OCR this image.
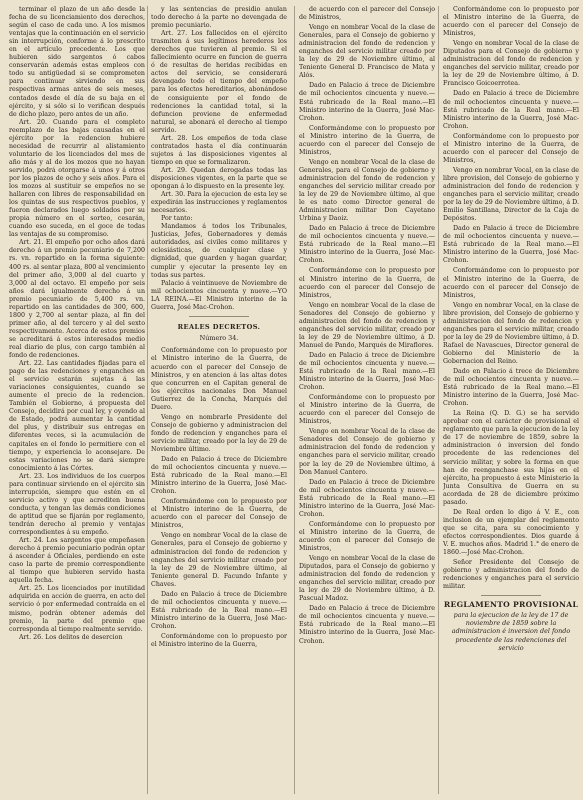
terminar el plazo de un año desde la fecha de su licenciamiento dos derechos, según el caso de cada uno. A los mismos ventajas que la continuación en el servicio sin interrupción, conforme á lo prescrito en el artículo precedente. Los que hubieren sido sargentos ó cabos conservarán además estas empleos con todo su antigüedad si se comprometen para continuar sirviendo en sus respectivas armas antes de seis meses, contados desde el día de su baja en el ejército, y si sólo si lo verifican después de dicho plazo, pero antes de un año.

Art. 20. Cuando para el completo reemplazo de las bajas causadas en el ejército por la redencion hubiere necesidad de recurrir al alistamiento voluntario de los licenciados del mes de año más y al de los mozos que no hayan servido, podrá otorgarse á unos y á otros por los plazos de ocho y seis años. Para el los mozos al sustituir se empeños no se hallaren con libres de responsabilidad en los quintas de sus respectivos pueblos, y fueron declarados luego soldados por su propia número en el sorteo, cesarán, cuando eso suceda, en el goce de todas las ventajas de su compromiso.

Art. 21. El empeño por ocho años dará derecho á un premio pecuniario de 7,200 rs. vn. repartido en la forma siguiente: 400 rs. al sentar plaza, 800 al vencimiento del primer año, 3,000 al del cuarto y 3,000 al del octavo. El empeño por seis años dará igualmente derecho á un premio pecuniario de 5,400 rs. vn. repartido en las cantidades de 300, 600, 1800 y 2,700 al sentar plaza, al fin del primer año, al del tercero y al del sexto respectivamente. Acerca de estos premios se acreditará á estos interesados medio real diario de plus, con cargo también al fondo de redenciones.

Art. 22. Las cantidades fijadas para el pago de las redenciones y enganches en el servicio estarán sujetas á las variaciones consiguientes, cuando se aumente el precio de la redencion. También el Gobierno, á propuesta del Consejo, decidirá por cual ley, y oyendo al de Estado, podrá aumentar la cantidad del plus, y distribuir sus entregas en diferentes veces, si la acumulación de capitales en el fondo lo permitiere con el tiempo, y experiencia lo aconsejare. De estas variaciones no se dará siempre conocimiento á las Córtes.

Art. 23. Los individuos de los cuerpos para continuar sirviendo en el ejército sin interrupción, siempre que estén en el servicio activo y que acrediten buena conducta, y tengan las demás condiciones de aptitud que se fijarán por reglamento, tendrán derecho al premio y ventajas correspondientes á su empeño.

Art. 24. Los sargentos que empeñasen derecho á premio pecuniario podrán optar á ascender á Oficiales, perdiendo en este caso la parte de premio correspondiente al tiempo que hubieren servido hasta aquella fecha.

Art. 25. Los licenciados por inutilidad adquirida en acción de guerra, en acto del servicio ó por enfermedad contraída en el mismo, podrán obtener además del premio, la parte del premio que corresponda al tiempo realmente servido.

Art. 26. Los delitos de desercion

y las sentencias de presidio anulan todo derecho á la parte no devengada de premio pecuniario.

Art. 27. Los fallecidos en el ejército trasmiten á sus legítimos herederos los derechos que tuvieren al premio. Si el fallecimiento ocurre en funcion de guerra ó de resultas de heridas recibidas en actos del servicio, se considerará devengado todo el tiempo del empeño para los efectos hereditarios, abonándose de consiguiente por el fondo de redenciones la cantidad total, si la defuncion proviene de enfermedad natural, se abonará el derecho al tiempo servido.

Art. 28. Los empeños de toda clase contratados hasta el día continuarán sujetos á las disposiciones vigentes al tiempo en que se formalizaron.

Art. 29. Quedan derogadas todas las disposiciones vigentes, en la parte que se opongan á lo dispuesto en la presente ley.

Art. 30. Para la ejecucion de esta ley se expedirán las instrucciones y reglamentos necesarios.

Por tanto:

Mandamos á todos los Tribunales, Justicias, Jefes, Gobernadores y demás autoridades, así civiles como militares y eclesiásticas, de cualquier clase y dignidad, que guarden y hagan guardar, cumplir y ejecutar la presente ley en todas sus partes.

Palacio á veintinueve de Noviembre de mil ochocientos cincuenta y nueve.—YO LA REINA.—El Ministro interino de la Guerra, José Mac-Crohon.

REALES DECRETOS.

Número 34.

Conformándome con lo propuesto por el Ministro interino de la Guerra, de acuerdo con el parecer del Consejo de Ministros, y en atencion á las altas dotes que concurren en el Capitan general de los ejércitos nacionales Don Manuel Gutierrez de la Concha, Marqués del Duero.

Vengo en nombrarle Presidente del Consejo de gobierno y administracion del fondo de redencion y enganches para el servicio militar, creado por la ley de 29 de Noviembre último.

Dado en Palacio á trece de Diciembre de mil ochocientos cincuenta y nueve.—Está rubricado de la Real mano.—El Ministro interino de la Guerra, José Mac-Crohon.

Conformándome con lo propuesto por el Ministro interino de la Guerra, de acuerdo con el parecer del Consejo de Ministros,

Vengo en nombrar Vocal de la clase de Generales, para el Consejo de gobierno y administracion del fondo de redencion y enganches del servicio militar creado por la ley de 29 de Noviembre último, al Teniente general D. Facundo Infante y Chaves.

Dado en Palacio á trece de Diciembre de mil ochocientos cincuenta y nueve.—Está rubricado de la Real mano.—El Ministro interino de la Guerra, José Mac-Crohon.

Conformándome con lo propuesto por el Ministro interino de la Guerra,

de acuerdo con el parecer del Consejo de Ministros,

Vengo en nombrar Vocal de la clase de Generales, para el Consejo de gobierno y administracion del fondo de redencion y enganches del servicio militar creado por la ley de 29 de Noviembre último, al Teniente General D. Francisco de Mata y Alós.

Dado en Palacio á trece de Diciembre de mil ochocientos cincuenta y nueve.—Está rubricado de la Real mano.—El Ministro interino de la Guerra, José Mac-Crohon.

Conformándome con lo propuesto por el Ministro interino de la Guerra, de acuerdo con el parecer del Consejo de Ministros,

Vengo en nombrar Vocal de la clase de Generales, para el Consejo de gobierno y administracion del fondo de redencion y enganches del servicio militar creado por la ley de 29 de Noviembre último, al que le es nato como Director general de Administracion militar Don Cayetano Urbina y Daoiz.

Dado en Palacio á trece de Diciembre de mil ochocientos cincuenta y nueve.—Está rubricado de la Real mano.—El Ministro interino de la Guerra, José Mac-Crohon.

Conformándome con lo propuesto por el Ministro interino de la Guerra, de acuerdo con el parecer del Consejo de Ministros,

Vengo en nombrar Vocal de la clase de Senadores del Consejo de gobierno y administracion del fondo de redencion y enganches del servicio militar, creado por la ley de 29 de Noviembre último, á D. Manuel de Pando, Marqués de Miraflores.

Dado en Palacio á trece de Diciembre de mil ochocientos cincuenta y nueve.—Está rubricado de la Real mano.—El Ministro interino de la Guerra, José Mac-Crohon.

Conformándome con lo propuesto por el Ministro interino de la Guerra, de acuerdo con el parecer del Consejo de Ministros,

Vengo en nombrar Vocal de la clase de Senadores del Consejo de gobierno y administracion del fondo de redencion y enganches para el servicio militar, creado por la ley de 29 de Noviembre último, á Don Manuel Cantero.

Dado en Palacio á trece de Diciembre de mil ochocientos cincuenta y nueve.—Está rubricado de la Real mano.—El Ministro interino de la Guerra, José Mac-Crohon.

Conformándome con lo propuesto por el Ministro interino de la Guerra, de acuerdo con el parecer del Consejo de Ministros,

Vengo en nombrar Vocal de la clase de Diputados, para el Consejo de gobierno y administracion del fondo de redencion y enganches del servicio militar, creado por la ley de 29 de Noviembre último, á D. Pascual Madoz.

Dado en Palacio á trece de Diciembre de mil ochocientos cincuenta y nueve.—Está rubricado de la Real mano.—El Ministro interino de la Guerra, José Mac-Crohon.

Conformándome con lo propuesto por el Ministro interino de la Guerra, de acuerdo con el parecer del Consejo de Ministros,

Vengo en nombrar Vocal de la clase de Diputados para el Consejo de gobierno y administracion del fondo de redencion y enganches del servicio militar, creado por la ley de 29 de Noviembre último, á D. Francisco Goicoerrotea.

Dado en Palacio á trece de Diciembre de mil ochocientos cincuenta y nueve.—Está rubricado de la Real mano.—El Ministro interino de la Guerra, José Mac-Crohon.

Conformándome con lo propuesto por el Ministro interino de la Guerra, de acuerdo con el parecer del Consejo de Ministros,

Vengo en nombrar Vocal, en la clase de libre provision, del Consejo de gobierno y administracion del fondo de redencion y enganches para el servicio militar, creado por la ley de 29 de Noviembre último, á D. Emilio Santillana, Director de la Caja de Depósitos.

Dado en Palacio á trece de Diciembre de mil ochocientos cincuenta y nueve.—Está rubricado de la Real mano.—El Ministro interino de la Guerra, José Mac-Crohon.

Conformándome con lo propuesto por el Ministro interino de la Guerra, de acuerdo con el parecer del Consejo de Ministros,

Vengo en nombrar Vocal, en la clase de libre provision, del Consejo de gobierno y administracion del fondo de redencion y enganches para el servicio militar, creado por la ley de 29 de Noviembre último, á D. Rafael de Navascues, Director general de Gobierno del Ministerio de la Gobernacion del Reino.

Dado en Palacio á trece de Diciembre de mil ochocientos cincuenta y nueve.—Está rubricado de la Real mano.—El Ministro interino de la Guerra, José Mac-Crohon.

La Reina (Q. D. G.) se ha servido aprobar con el carácter de provisional el reglamento que para la ejecucion de la ley de 17 de noviembre de 1859, sobre la administracion ó inversion del fondo procedente de las redenciones del servicio militar, y sobre la forma en que han de reenganchase sus hijas en el ejército, ha propuesto á este Ministerio la Junta Consultiva de Guerra en su acordada de 28 de diciembre próximo pasado.

De Real orden lo digo á V. E., con inclusion de un ejemplar del reglamento que se cita, para su conocimiento y efectos correspondientes. Dios guarde á V. E. muchos años. Madrid 1.° de enero de 1860.—José Mac-Crohon.

Señor Presidente del Consejo de gobierno y administracion del fondo de redenciones y enganches para el servicio militar.

REGLAMENTO PROVISIONAL

para la ejecucion de la ley de 17 de noviembre de 1859 sobre la administracion é inversion del fondo procedente de las redenciones del servicio
